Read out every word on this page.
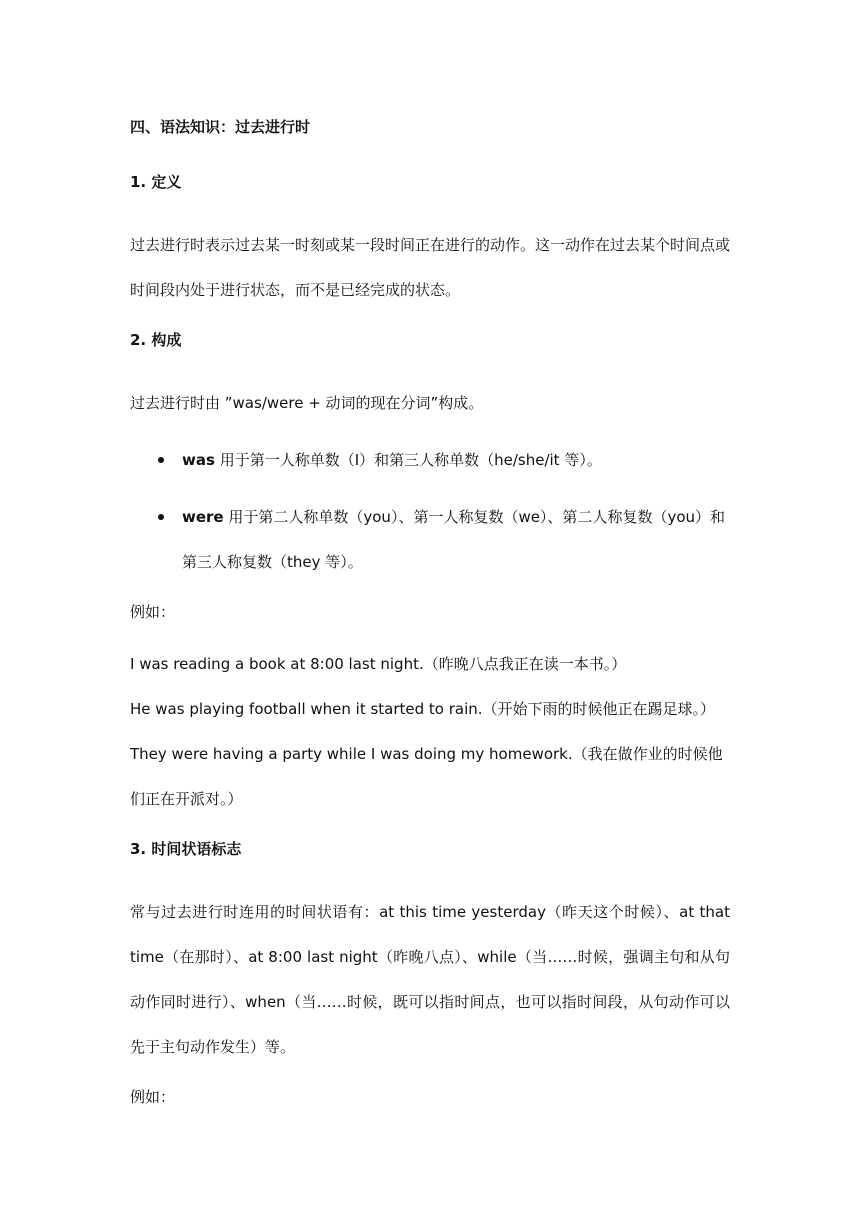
四、语法知识：过去进行时
1. 定义

过去进行时表示过去某一时刻或某一段时间正在进行的动作。这一动作在过去某个时间点或时间段内处于进行状态，而不是已经完成的状态。

2. 构成

过去进行时由 ”was/were + 动词的现在分词”构成。

was 用于第一人称单数（I）和第三人称单数（he/she/it 等）。
were 用于第二人称单数（you）、第一人称复数（we）、第二人称复数（you）和第三人称复数（they 等）。
例如：

I was reading a book at 8:00 last night.（昨晚八点我正在读一本书。）

He was playing football when it started to rain.（开始下雨的时候他正在踢足球。）

They were having a party while I was doing my homework.（我在做作业的时候他们正在开派对。）

3. 时间状语标志

常与过去进行时连用的时间状语有：at this time yesterday（昨天这个时候）、at that time（在那时）、at 8:00 last night（昨晚八点）、while（当……时候，强调主句和从句动作同时进行）、when（当……时候，既可以指时间点，也可以指时间段，从句动作可以先于主句动作发生）等。

例如：
